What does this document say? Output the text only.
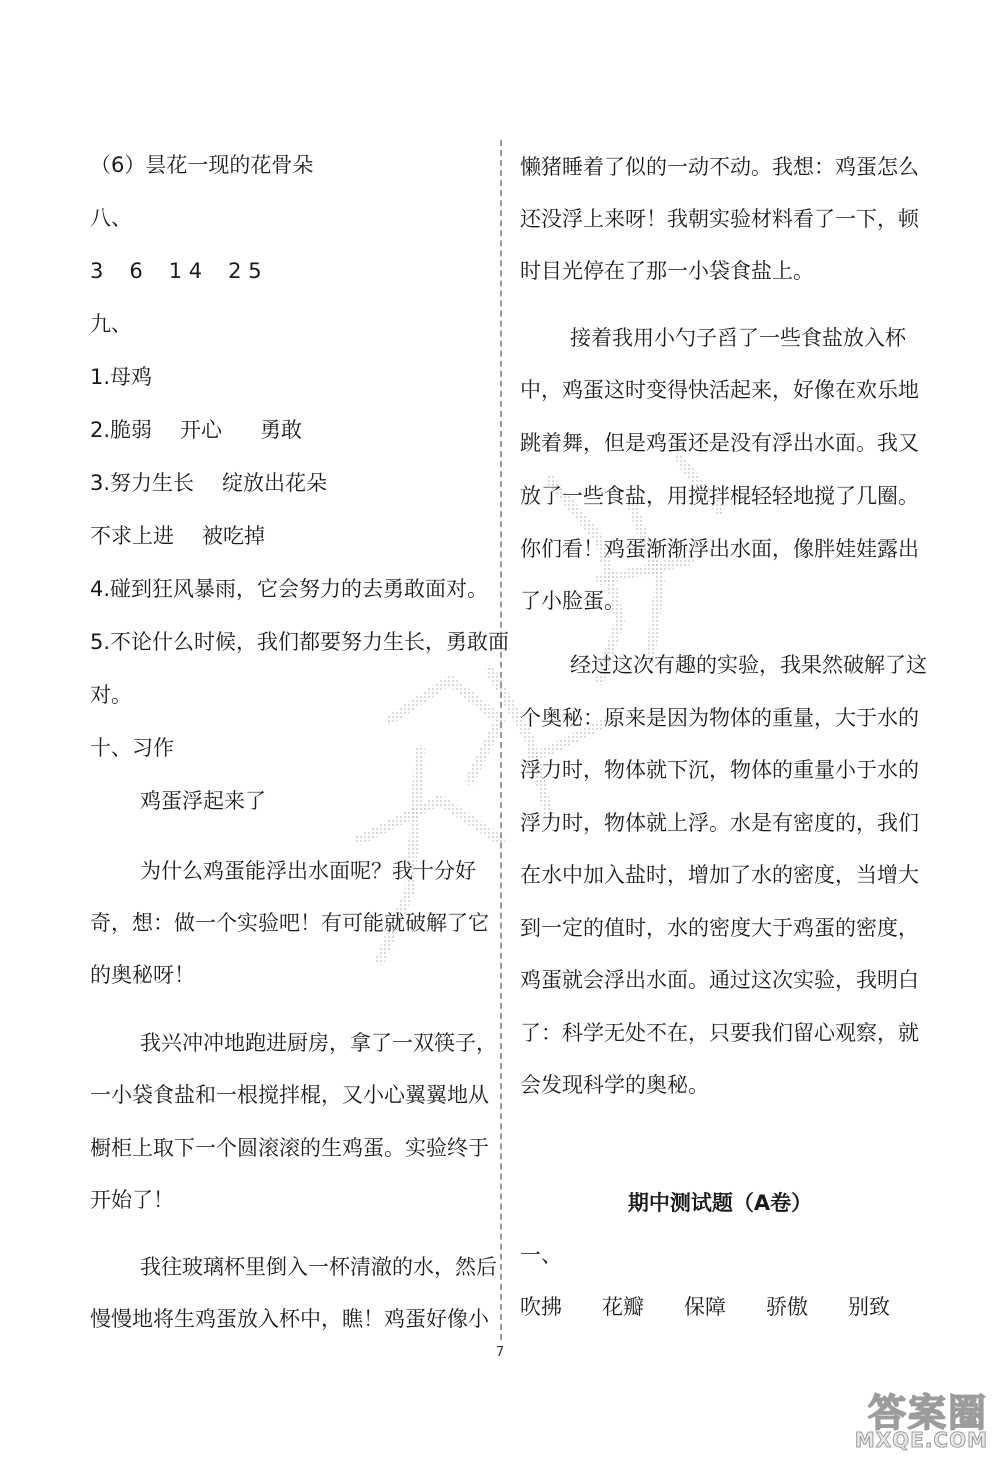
（6）昙花一现的花骨朵
八、
3 6 1 4 2 5
九、
1.母鸡
2.脆弱 开心 勇敢
3.努力生长 绽放出花朵
不求上进 被吃掉
4.碰到狂风暴雨，它会努力的去勇敢面对。
5.不论什么时候，我们都要努力生长，勇敢面
对。
十、习作
鸡蛋浮起来了
为什么鸡蛋能浮出水面呢？我十分好
奇，想：做一个实验吧！有可能就破解了它
的奥秘呀！
我兴冲冲地跑进厨房，拿了一双筷子，
一小袋食盐和一根搅拌棍，又小心翼翼地从
橱柜上取下一个圆滚滚的生鸡蛋。实验终于
开始了！
我往玻璃杯里倒入一杯清澈的水，然后
慢慢地将生鸡蛋放入杯中，瞧！鸡蛋好像小
懒猪睡着了似的一动不动。我想：鸡蛋怎么
还没浮上来呀！我朝实验材料看了一下，顿
时目光停在了那一小袋食盐上。
接着我用小勺子舀了一些食盐放入杯
中，鸡蛋这时变得快活起来，好像在欢乐地
跳着舞，但是鸡蛋还是没有浮出水面。我又
放了一些食盐，用搅拌棍轻轻地搅了几圈。
你们看！鸡蛋渐渐浮出水面，像胖娃娃露出
了小脸蛋。
经过这次有趣的实验，我果然破解了这
个奥秘：原来是因为物体的重量，大于水的
浮力时，物体就下沉，物体的重量小于水的
浮力时，物体就上浮。水是有密度的，我们
在水中加入盐时，增加了水的密度，当增大
到一定的值时，水的密度大于鸡蛋的密度，
鸡蛋就会浮出水面。通过这次实验，我明白
了：科学无处不在，只要我们留心观察，就
会发现科学的奥秘。
期中测试题（A卷）
一、
吹拂 花瓣 保障 骄傲 别致
7
答案圈
MXQE.COM
